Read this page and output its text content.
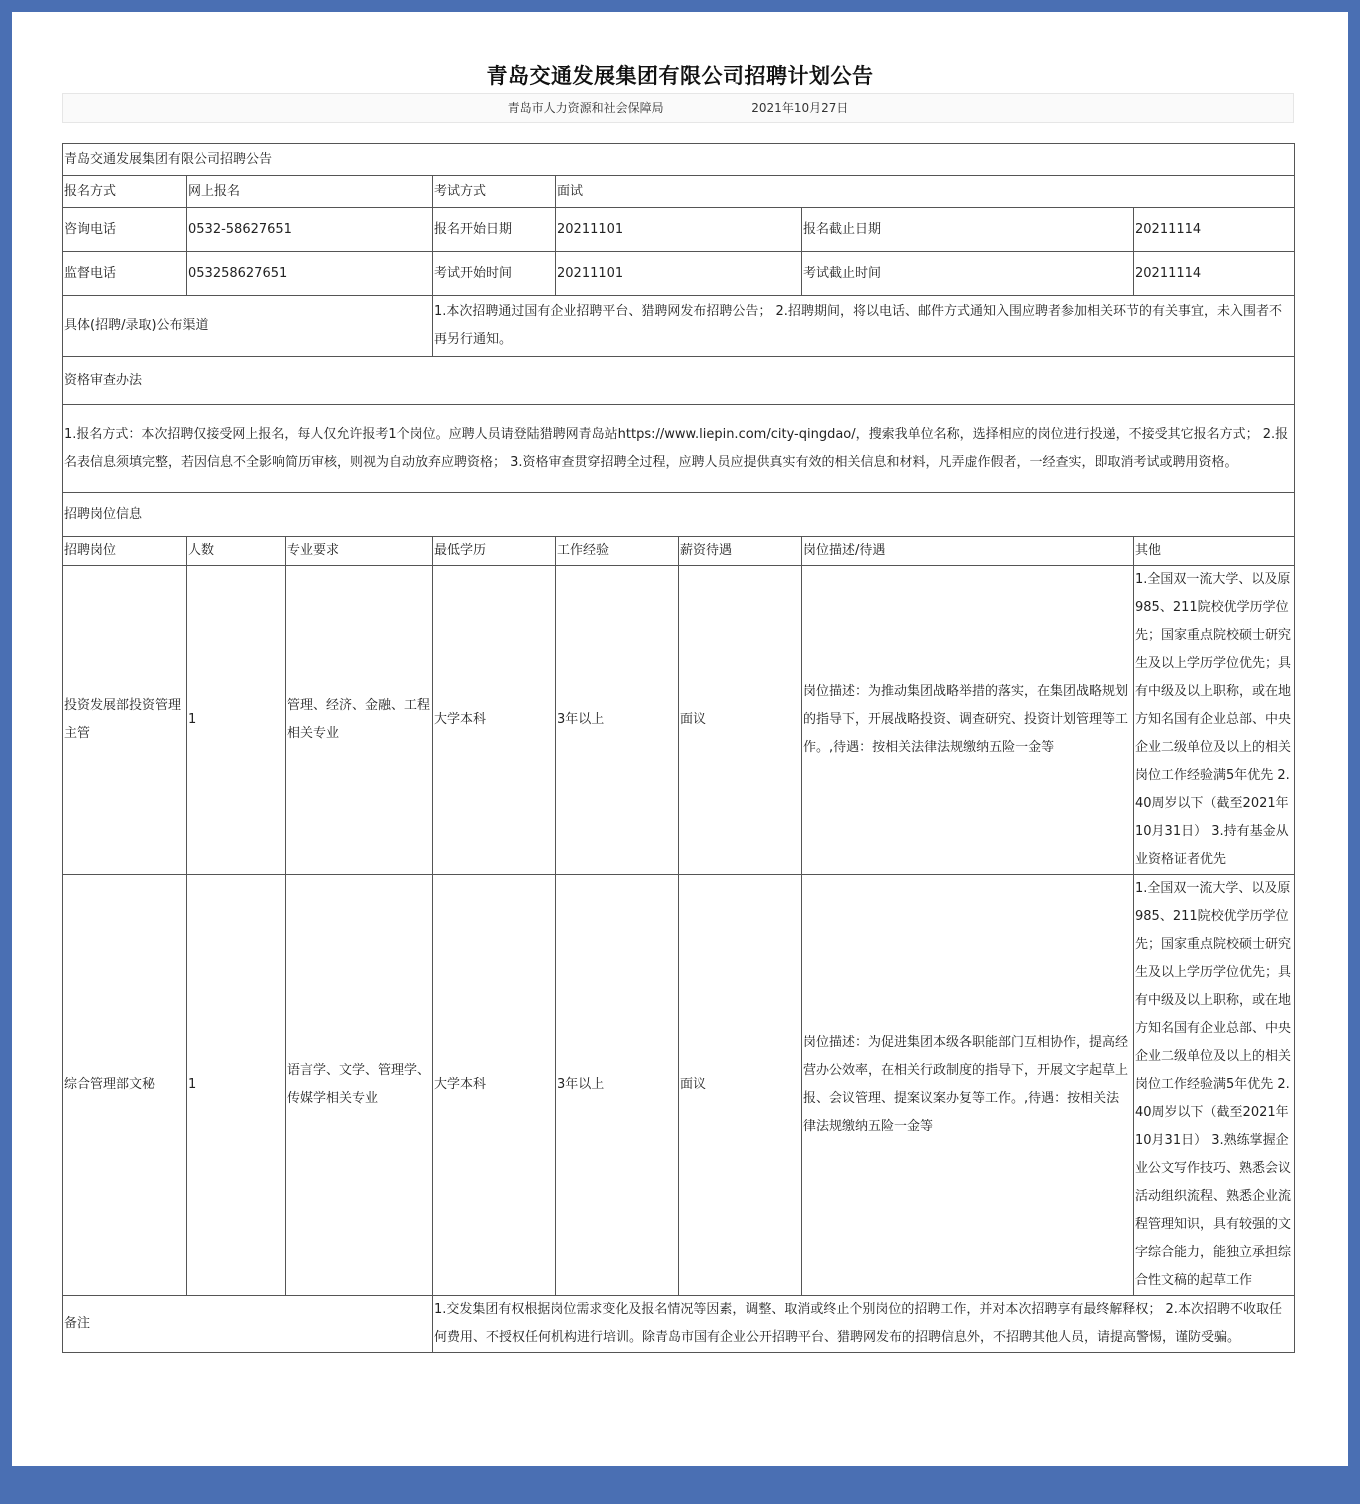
青岛交通发展集团有限公司招聘计划公告
青岛市人力资源和社会保障局	2021年10月27日
青岛交通发展集团有限公司招聘公告							
报名方式	网上报名		考试方式	面试			
咨询电话	0532-58627651		报名开始日期	20211101		报名截止日期	20211114
监督电话	053258627651		考试开始时间	20211101		考试截止时间	20211114
具体(招聘/录取)公布渠道			1.本次招聘通过国有企业招聘平台、猎聘网发布招聘公告； 2.招聘期间，将以电话、邮件方式通知入围应聘者参加相关环节的有关事宜，未入围者不再另行通知。				
资格审查办法							
1.报名方式：本次招聘仅接受网上报名，每人仅允许报考1个岗位。应聘人员请登陆猎聘网青岛站https://www.liepin.com/city-qingdao/，搜索我单位名称，选择相应的岗位进行投递，不接受其它报名方式； 2.报名表信息须填完整，若因信息不全影响简历审核，则视为自动放弃应聘资格； 3.资格审查贯穿招聘全过程，应聘人员应提供真实有效的相关信息和材料，凡弄虚作假者，一经查实，即取消考试或聘用资格。							
招聘岗位信息							
招聘岗位	人数	专业要求	最低学历	工作经验	薪资待遇	岗位描述/待遇	其他
投资发展部投资管理主管	1	管理、经济、金融、工程相关专业	大学本科	3年以上	面议	岗位描述：为推动集团战略举措的落实，在集团战略规划的指导下，开展战略投资、调查研究、投资计划管理等工作。,待遇：按相关法律法规缴纳五险一金等	1.全国双一流大学、以及原985、211院校优学历学位先；国家重点院校硕士研究生及以上学历学位优先；具有中级及以上职称，或在地方知名国有企业总部、中央企业二级单位及以上的相关岗位工作经验满5年优先 2.40周岁以下（截至2021年10月31日） 3.持有基金从业资格证者优先
综合管理部文秘	1	语言学、文学、管理学、传媒学相关专业	大学本科	3年以上	面议	岗位描述：为促进集团本级各职能部门互相协作，提高经营办公效率，在相关行政制度的指导下，开展文字起草上报、会议管理、提案议案办复等工作。,待遇：按相关法律法规缴纳五险一金等	1.全国双一流大学、以及原985、211院校优学历学位先；国家重点院校硕士研究生及以上学历学位优先；具有中级及以上职称，或在地方知名国有企业总部、中央企业二级单位及以上的相关岗位工作经验满5年优先 2.40周岁以下（截至2021年10月31日） 3.熟练掌握企业公文写作技巧、熟悉会议活动组织流程、熟悉企业流程管理知识，具有较强的文字综合能力，能独立承担综合性文稿的起草工作
备注			1.交发集团有权根据岗位需求变化及报名情况等因素，调整、取消或终止个别岗位的招聘工作，并对本次招聘享有最终解释权； 2.本次招聘不收取任何费用、不授权任何机构进行培训。除青岛市国有企业公开招聘平台、猎聘网发布的招聘信息外，不招聘其他人员，请提高警惕，谨防受骗。				
